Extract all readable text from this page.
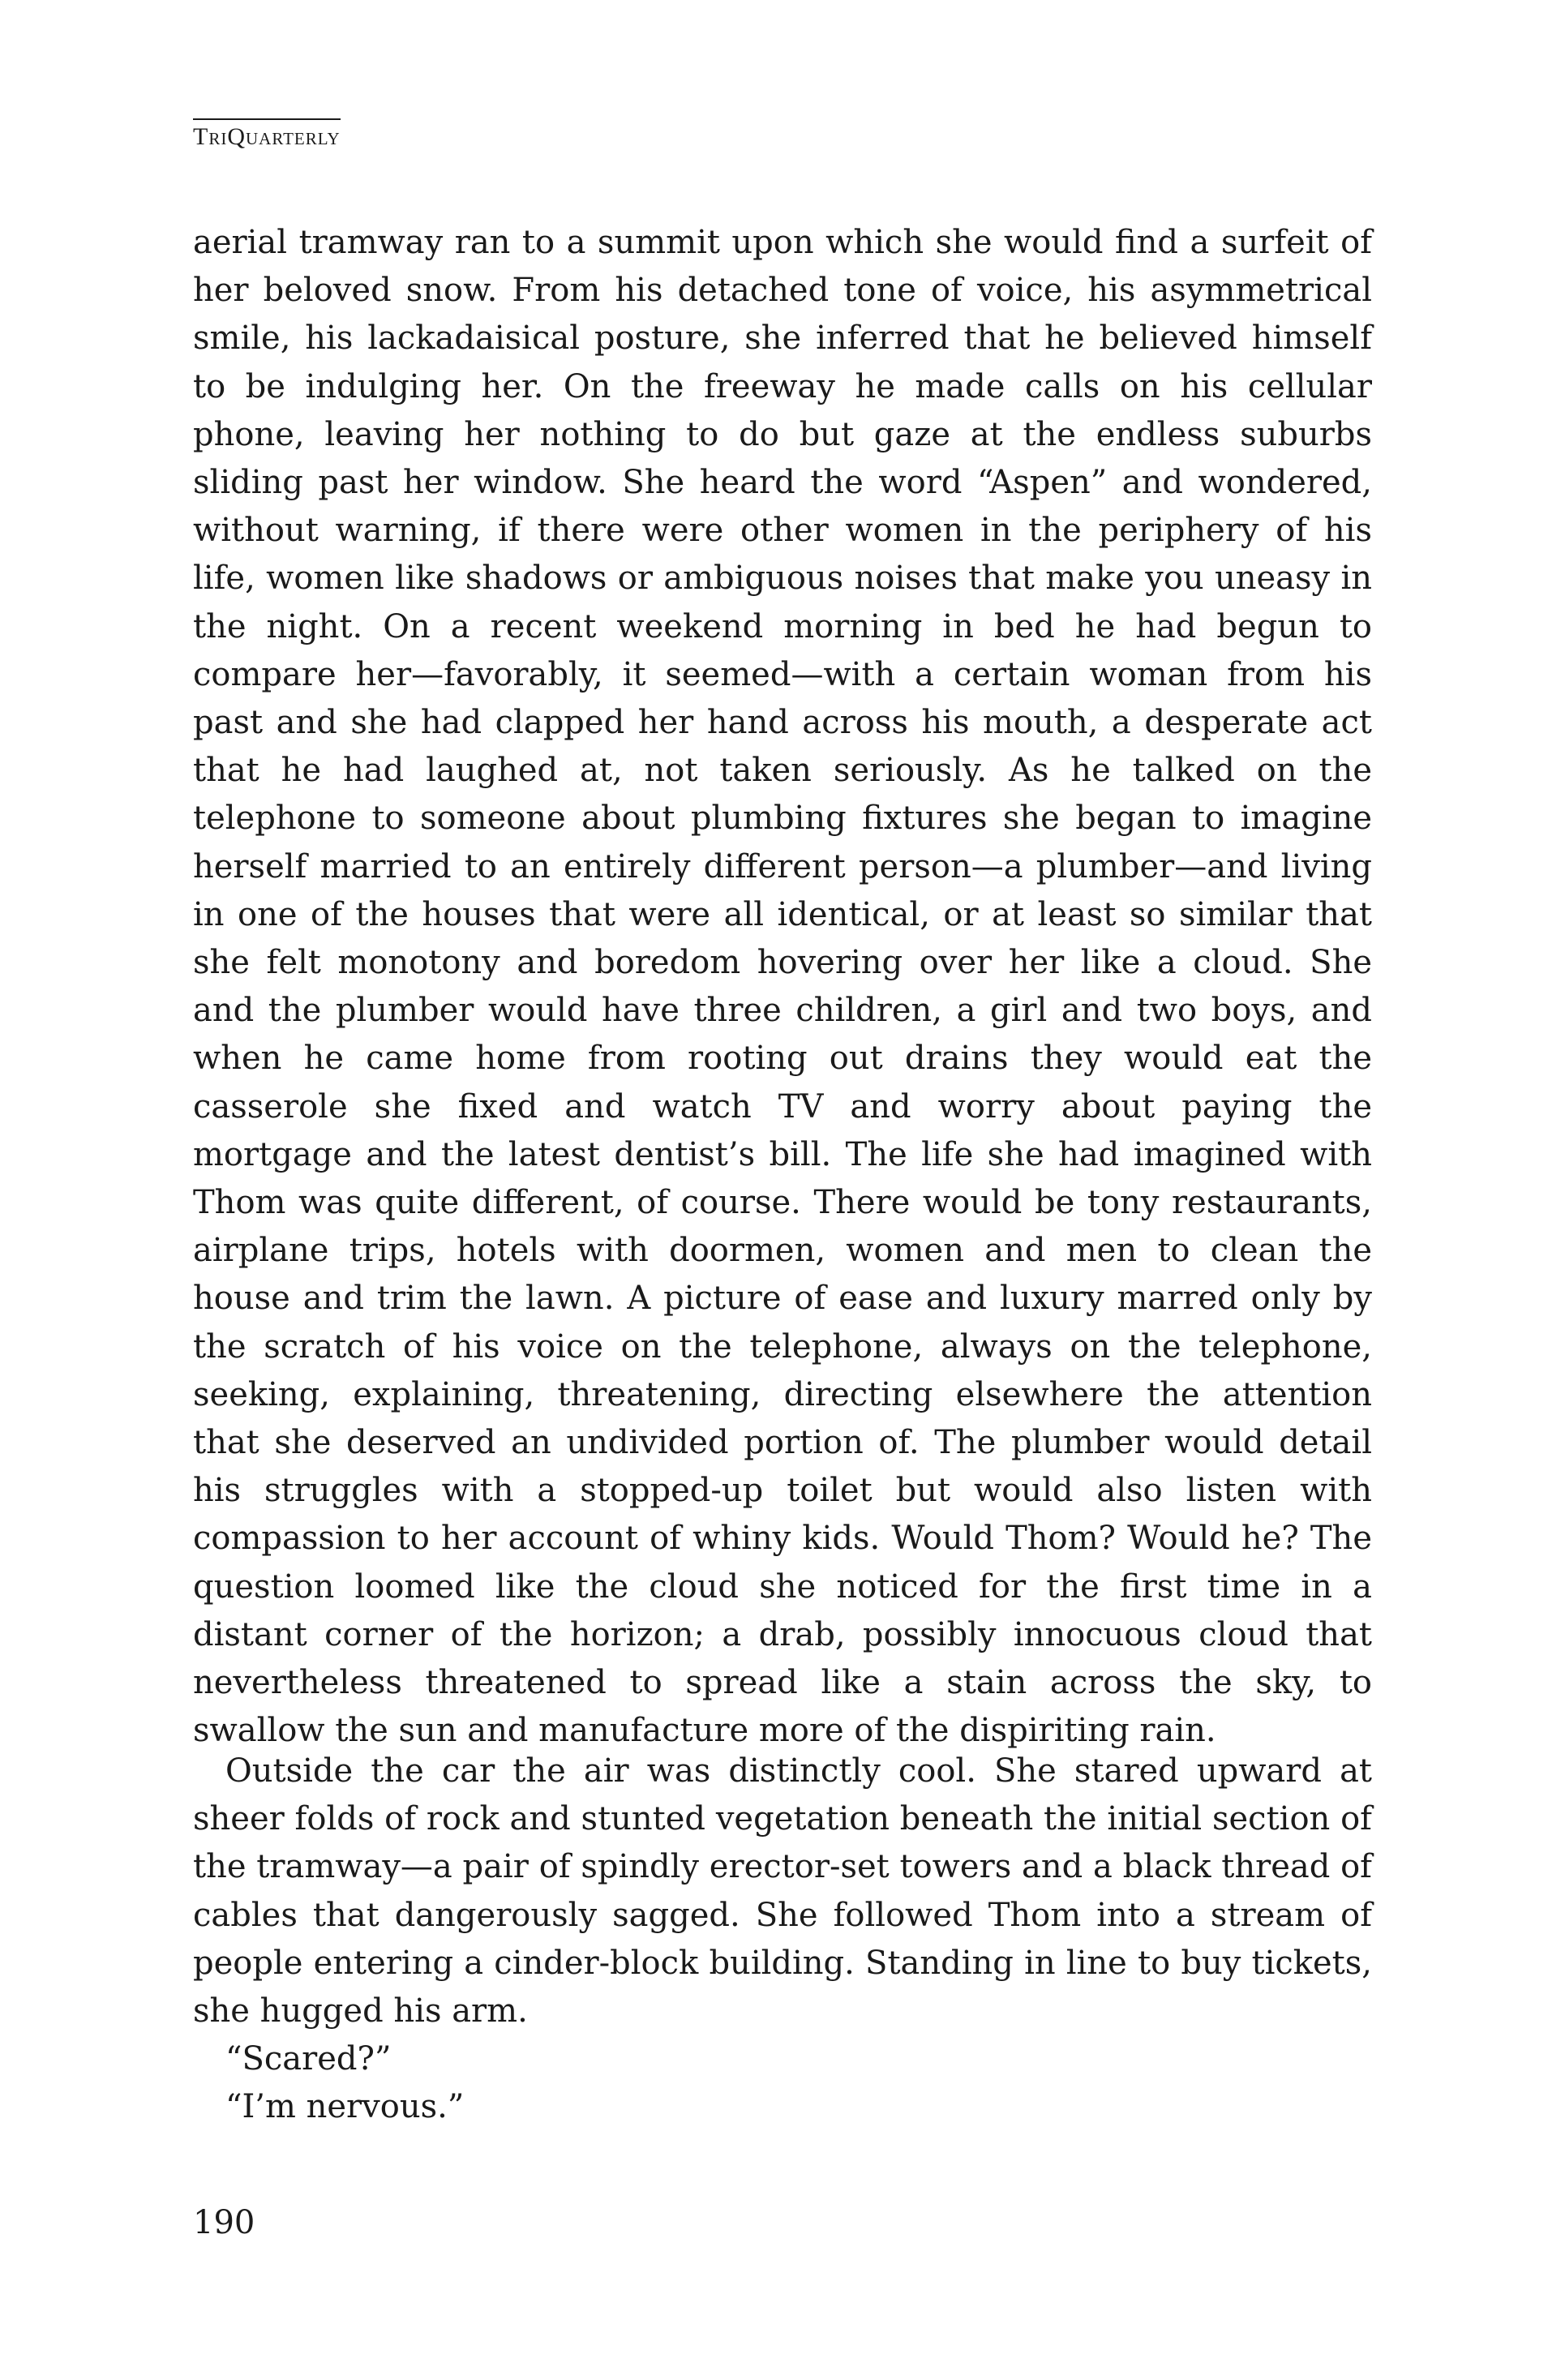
TriQuarterly

aerial tramway ran to a summit upon which she would find a surfeit of her beloved snow. From his detached tone of voice, his asymmetrical smile, his lackadaisical posture, she inferred that he believed himself to be indulging her. On the freeway he made calls on his cellular phone, leaving her nothing to do but gaze at the endless suburbs sliding past her window. She heard the word “Aspen” and wondered, without warning, if there were other women in the periphery of his life, women like shadows or ambiguous noises that make you uneasy in the night. On a recent weekend morning in bed he had begun to compare her—favorably, it seemed—with a certain woman from his past and she had clapped her hand across his mouth, a desperate act that he had laughed at, not taken seriously. As he talked on the telephone to someone about plumbing fixtures she began to imagine herself married to an entirely different person—a plumber—and living in one of the houses that were all identical, or at least so similar that she felt monotony and boredom hovering over her like a cloud. She and the plumber would have three children, a girl and two boys, and when he came home from rooting out drains they would eat the casserole she fixed and watch TV and worry about paying the mortgage and the latest dentist’s bill. The life she had imagined with Thom was quite different, of course. There would be tony restaurants, airplane trips, hotels with doormen, women and men to clean the house and trim the lawn. A picture of ease and luxury marred only by the scratch of his voice on the telephone, always on the telephone, seeking, explaining, threatening, directing elsewhere the attention that she deserved an undivided portion of. The plumber would detail his struggles with a stopped-up toilet but would also listen with compassion to her account of whiny kids. Would Thom? Would he? The question loomed like the cloud she noticed for the first time in a distant corner of the horizon; a drab, possibly innocuous cloud that nevertheless threatened to spread like a stain across the sky, to swallow the sun and manufacture more of the dispiriting rain.

Outside the car the air was distinctly cool. She stared upward at sheer folds of rock and stunted vegetation beneath the initial section of the tramway—a pair of spindly erector-set towers and a black thread of cables that dangerously sagged. She followed Thom into a stream of people entering a cinder-block building. Standing in line to buy tickets, she hugged his arm.

“Scared?”

“I’m nervous.”

190
